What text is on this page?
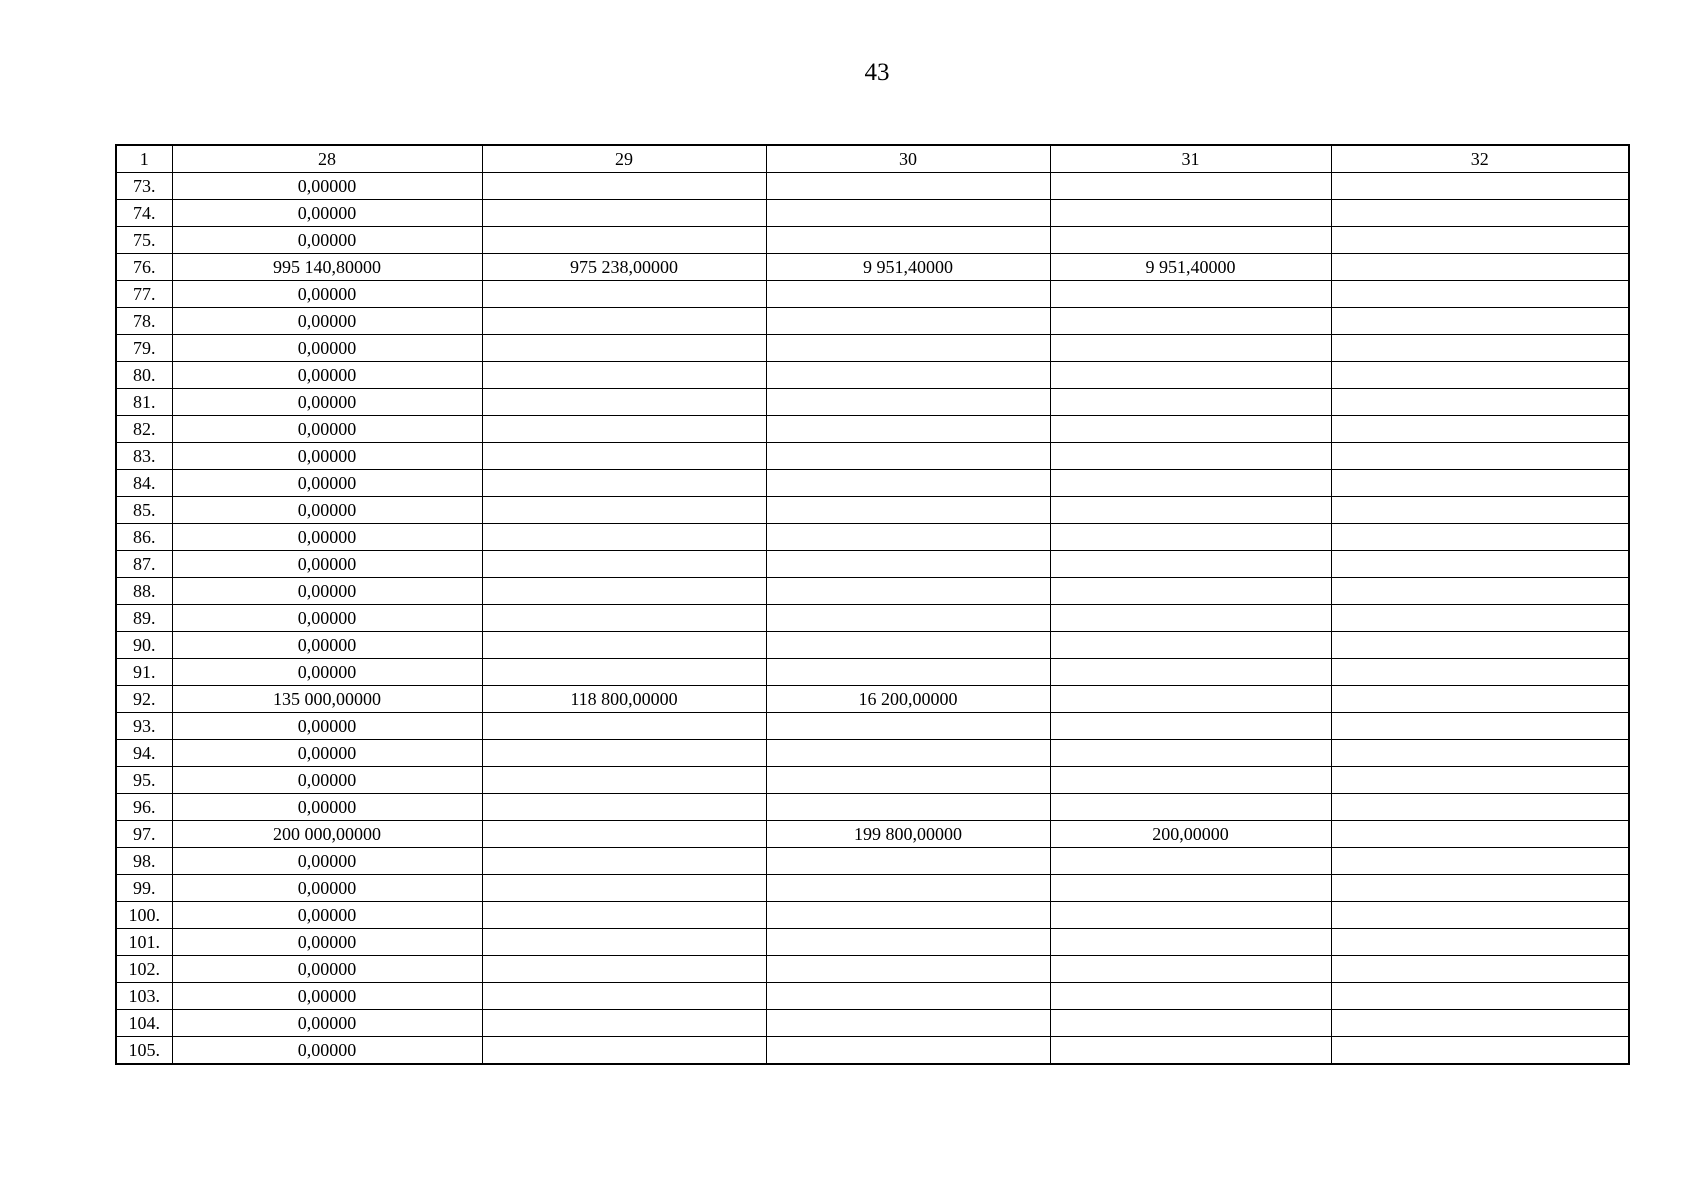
43
1	28	29	30	31	32
73.	0,00000				
74.	0,00000				
75.	0,00000				
76.	995 140,80000	975 238,00000	9 951,40000	9 951,40000	
77.	0,00000				
78.	0,00000				
79.	0,00000				
80.	0,00000				
81.	0,00000				
82.	0,00000				
83.	0,00000				
84.	0,00000				
85.	0,00000				
86.	0,00000				
87.	0,00000				
88.	0,00000				
89.	0,00000				
90.	0,00000				
91.	0,00000				
92.	135 000,00000	118 800,00000	16 200,00000		
93.	0,00000				
94.	0,00000				
95.	0,00000				
96.	0,00000				
97.	200 000,00000		199 800,00000	200,00000	
98.	0,00000				
99.	0,00000				
100.	0,00000				
101.	0,00000				
102.	0,00000				
103.	0,00000				
104.	0,00000				
105.	0,00000				
